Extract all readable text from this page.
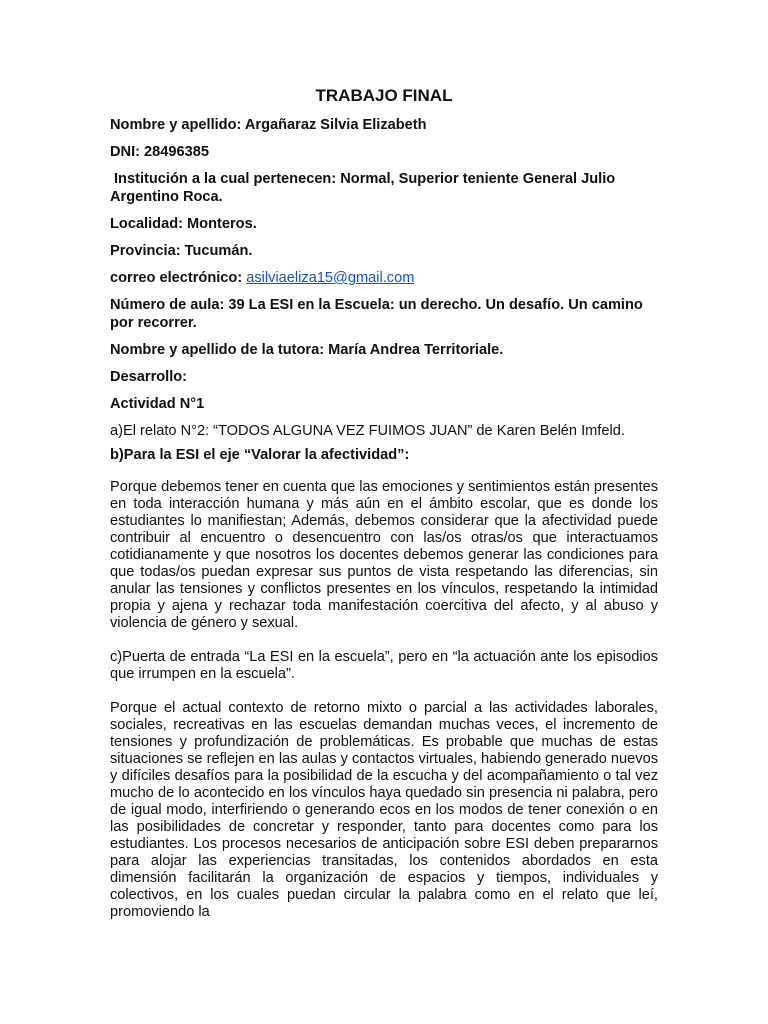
TRABAJO FINAL

Nombre y apellido: Argañaraz Silvia Elizabeth

DNI: 28496385

Institución a la cual pertenecen: Normal, Superior teniente General Julio Argentino Roca.

Localidad: Monteros.

Provincia: Tucumán.

correo electrónico: asilviaeliza15@gmail.com

Número de aula: 39 La ESI en la Escuela: un derecho. Un desafío. Un camino por recorrer.

Nombre y apellido de la tutora: María Andrea Territoriale.

Desarrollo:

Actividad N°1

a)El relato N°2: “TODOS ALGUNA VEZ FUIMOS JUAN” de Karen Belén Imfeld.

b)Para la ESI el eje “Valorar la afectividad”:

Porque debemos tener en cuenta que las emociones y sentimientos están presentes en toda interacción humana y más aún en el ámbito escolar, que es donde los estudiantes lo manifiestan; Además, debemos considerar que la afectividad puede contribuir al encuentro o desencuentro con las/os otras/os que interactuamos cotidianamente y que nosotros los docentes debemos generar las condiciones para que todas/os puedan expresar sus puntos de vista respetando las diferencias, sin anular las tensiones y conflictos presentes en los vínculos, respetando la intimidad propia y ajena y rechazar toda manifestación coercitiva del afecto, y al abuso y violencia de género y sexual.

c)Puerta de entrada “La ESI en la escuela”, pero en “la actuación ante los episodios que irrumpen en la escuela”.

Porque el actual contexto de retorno mixto o parcial a las actividades laborales, sociales, recreativas en las escuelas demandan muchas veces, el incremento de tensiones y profundización de problemáticas. Es probable que muchas de estas situaciones se reflejen en las aulas y contactos virtuales, habiendo generado nuevos y difíciles desafíos para la posibilidad de la escucha y del acompañamiento o tal vez mucho de lo acontecido en los vínculos haya quedado sin presencia ni palabra, pero de igual modo, interfiriendo o generando ecos en los modos de tener conexión o en las posibilidades de concretar y responder, tanto para docentes como para los estudiantes. Los procesos necesarios de anticipación sobre ESI deben prepararnos para alojar las experiencias transitadas, los contenidos abordados en esta dimensión facilitarán la organización de espacios y tiempos, individuales y colectivos, en los cuales puedan circular la palabra como en el relato que leí, promoviendo la
